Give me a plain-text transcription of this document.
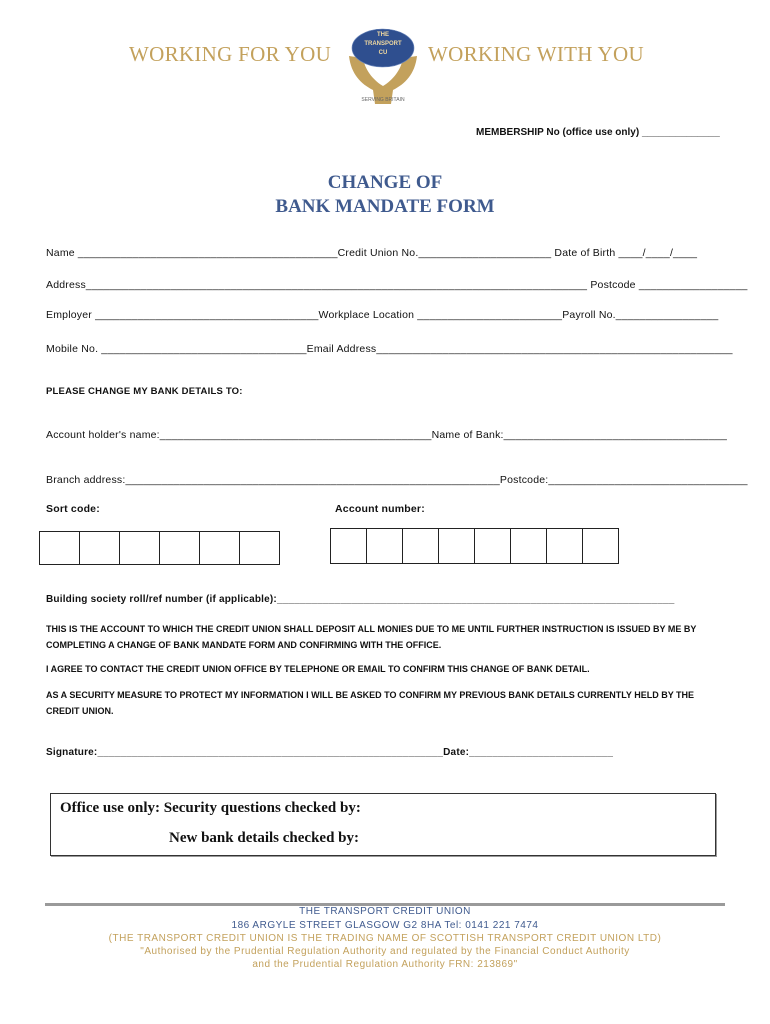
WORKING FOR YOU	WORKING WITH YOU
THE
TRANSPORT
CU
SERVING BRITAIN
MEMBERSHIP No (office use only) ______________
CHANGE OF
BANK MANDATE FORM
Name ___________________________________________Credit Union No.______________________ Date of Birth ____/____/____
Address___________________________________________________________________________________ Postcode __________________
Employer _____________________________________Workplace Location ________________________Payroll No._________________
Mobile No. __________________________________Email Address___________________________________________________________
PLEASE CHANGE MY BANK DETAILS TO:
Account holder's name:_____________________________________________Name of Bank:_____________________________________
Branch address:______________________________________________________________Postcode:_________________________________
Sort code:	Account number:
Building society roll/ref number (if applicable):_____________________________________________________________________
THIS IS THE ACCOUNT TO WHICH THE CREDIT UNION SHALL DEPOSIT ALL MONIES DUE TO ME UNTIL FURTHER INSTRUCTION IS ISSUED BY ME BY COMPLETING A CHANGE OF BANK MANDATE FORM AND CONFIRMING WITH THE OFFICE.
I AGREE TO CONTACT THE CREDIT UNION OFFICE BY TELEPHONE OR EMAIL TO CONFIRM THIS CHANGE OF BANK DETAIL.
AS A SECURITY MEASURE TO PROTECT MY INFORMATION I WILL BE ASKED TO CONFIRM MY PREVIOUS BANK DETAILS CURRENTLY HELD BY THE CREDIT UNION.
Signature:____________________________________________________________Date:_________________________
Office use only: Security questions checked by:
New bank details checked by:
THE TRANSPORT CREDIT UNION
186 ARGYLE STREET GLASGOW G2 8HA Tel: 0141 221 7474
(THE TRANSPORT CREDIT UNION IS THE TRADING NAME OF SCOTTISH TRANSPORT CREDIT UNION LTD)
"Authorised by the Prudential Regulation Authority and regulated by the Financial Conduct Authority
and the Prudential Regulation Authority FRN: 213869"
